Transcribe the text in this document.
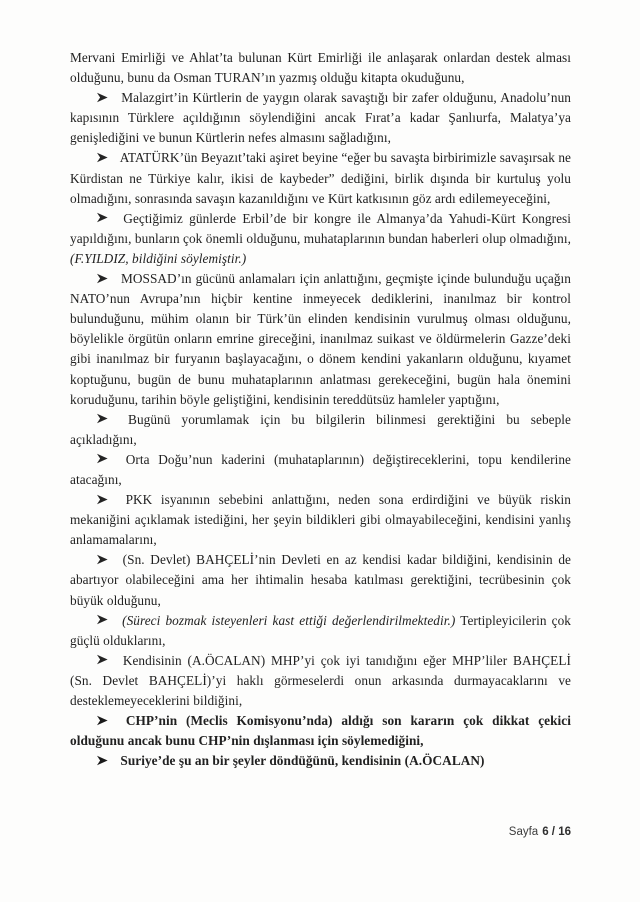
Mervani Emirliği ve Ahlat’ta bulunan Kürt Emirliği ile anlaşarak onlardan destek alması olduğunu, bunu da Osman TURAN’ın yazmış olduğu kitapta okuduğunu,

Malazgirt’in Kürtlerin de yaygın olarak savaştığı bir zafer olduğunu, Anadolu’nun kapısının Türklere açıldığının söylendiğini ancak Fırat’a kadar Şanlıurfa, Malatya’ya genişlediğini ve bunun Kürtlerin nefes almasını sağladığını,

ATATÜRK’ün Beyazıt’taki aşiret beyine “eğer bu savaşta birbirimizle savaşırsak ne Kürdistan ne Türkiye kalır, ikisi de kaybeder” dediğini, birlik dışında bir kurtuluş yolu olmadığını, sonrasında savaşın kazanıldığını ve Kürt katkısının göz ardı edilemeyeceğini,

Geçtiğimiz günlerde Erbil’de bir kongre ile Almanya’da Yahudi-Kürt Kongresi yapıldığını, bunların çok önemli olduğunu, muhataplarının bundan haberleri olup olmadığını, (F.YILDIZ, bildiğini söylemiştir.)

MOSSAD’ın gücünü anlamaları için anlattığını, geçmişte içinde bulunduğu uçağın NATO’nun Avrupa’nın hiçbir kentine inmeyecek dediklerini, inanılmaz bir kontrol bulunduğunu, mühim olanın bir Türk’ün elinden kendisinin vurulmuş olması olduğunu, böylelikle örgütün onların emrine gireceğini, inanılmaz suikast ve öldürmelerin Gazze’deki gibi inanılmaz bir furyanın başlayacağını, o dönem kendini yakanların olduğunu, kıyamet koptuğunu, bugün de bunu muhataplarının anlatması gerekeceğini, bugün hala önemini koruduğunu, tarihin böyle geliştiğini, kendisinin tereddütsüz hamleler yaptığını,

Bugünü yorumlamak için bu bilgilerin bilinmesi gerektiğini bu sebeple açıkladığını,

Orta Doğu’nun kaderini (muhataplarının) değiştireceklerini, topu kendilerine atacağını,

PKK isyanının sebebini anlattığını, neden sona erdirdiğini ve büyük riskin mekaniğini açıklamak istediğini, her şeyin bildikleri gibi olmayabileceğini, kendisini yanlış anlamamalarını,

(Sn. Devlet) BAHÇELİ’nin Devleti en az kendisi kadar bildiğini, kendisinin de abartıyor olabileceğini ama her ihtimalin hesaba katılması gerektiğini, tecrübesinin çok büyük olduğunu,

(Süreci bozmak isteyenleri kast ettiği değerlendirilmektedir.) Tertipleyicilerin çok güçlü olduklarını,

Kendisinin (A.ÖCALAN) MHP’yi çok iyi tanıdığını eğer MHP’liler BAHÇELİ (Sn. Devlet BAHÇELİ)’yi haklı görmeselerdi onun arkasında durmayacaklarını ve desteklemeyeceklerini bildiğini,

CHP’nin (Meclis Komisyonu’nda) aldığı son kararın çok dikkat çekici olduğunu ancak bunu CHP’nin dışlanması için söylemediğini,

Suriye’de şu an bir şeyler döndüğünü, kendisinin (A.ÖCALAN)

Sayfa 6 / 16
